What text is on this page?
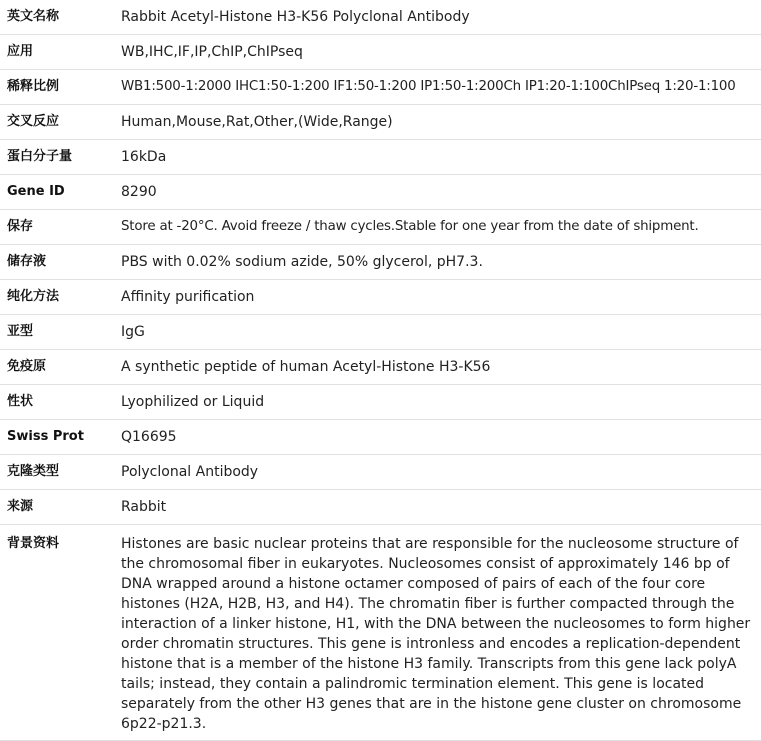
英文名称	Rabbit Acetyl-Histone H3-K56 Polyclonal Antibody

应用	WB,IHC,IF,IP,ChIP,ChIPseq

稀释比例	WB1:500-1:2000 IHC1:50-1:200 IF1:50-1:200 IP1:50-1:200Ch IP1:20-1:100ChIPseq 1:20-1:100

交叉反应	Human,Mouse,Rat,Other,(Wide,Range)

蛋白分子量	16kDa

Gene ID	8290

保存	Store at -20°C. Avoid freeze / thaw cycles.Stable for one year from the date of shipment.

储存液	PBS with 0.02% sodium azide, 50% glycerol, pH7.3.

纯化方法	Affinity purification

亚型	IgG

免疫原	A synthetic peptide of human Acetyl-Histone H3-K56

性状	Lyophilized or Liquid

Swiss Prot	Q16695

克隆类型	Polyclonal Antibody

来源	Rabbit

背景资料	Histones are basic nuclear proteins that are responsible for the nucleosome structure of the chromosomal fiber in eukaryotes. Nucleosomes consist of approximately 146 bp of DNA wrapped around a histone octamer composed of pairs of each of the four core histones (H2A, H2B, H3, and H4). The chromatin fiber is further compacted through the interaction of a linker histone, H1, with the DNA between the nucleosomes to form higher order chromatin structures. This gene is intronless and encodes a replication-dependent histone that is a member of the histone H3 family. Transcripts from this gene lack polyA tails; instead, they contain a palindromic termination element. This gene is located separately from the other H3 genes that are in the histone gene cluster on chromosome 6p22-p21.3.
